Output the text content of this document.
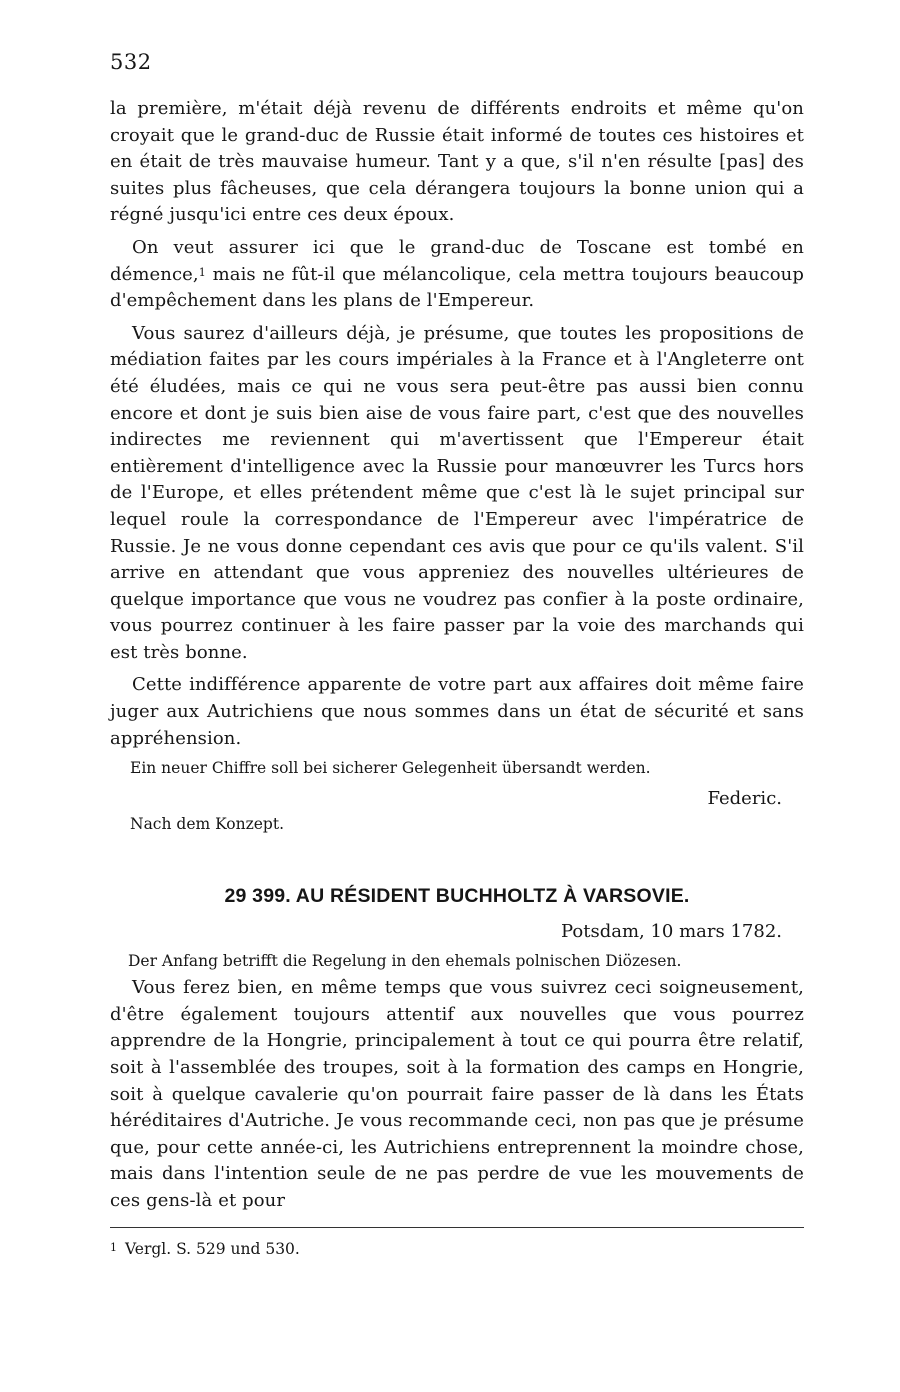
532

la première, m'était déjà revenu de différents endroits et même qu'on croyait que le grand-duc de Russie était informé de toutes ces histoires et en était de très mauvaise humeur. Tant y a que, s'il n'en résulte [pas] des suites plus fâcheuses, que cela dérangera toujours la bonne union qui a régné jusqu'ici entre ces deux époux.

On veut assurer ici que le grand-duc de Toscane est tombé en démence,$^1$ mais ne fût-il que mélancolique, cela mettra toujours beaucoup d'empêchement dans les plans de l'Empereur.

Vous saurez d'ailleurs déjà, je présume, que toutes les propositions de médiation faites par les cours impériales à la France et à l'Angleterre ont été éludées, mais ce qui ne vous sera peut-être pas aussi bien connu encore et dont je suis bien aise de vous faire part, c'est que des nouvelles indirectes me reviennent qui m'avertissent que l'Empereur était entièrement d'intelligence avec la Russie pour manœuvrer les Turcs hors de l'Europe, et elles prétendent même que c'est là le sujet principal sur lequel roule la correspondance de l'Empereur avec l'impératrice de Russie. Je ne vous donne cependant ces avis que pour ce qu'ils valent. S'il arrive en attendant que vous appreniez des nouvelles ultérieures de quelque importance que vous ne voudrez pas confier à la poste ordinaire, vous pourrez continuer à les faire passer par la voie des marchands qui est très bonne.

Cette indifférence apparente de votre part aux affaires doit même faire juger aux Autrichiens que nous sommes dans un état de sécurité et sans appréhension.

Ein neuer Chiffre soll bei sicherer Gelegenheit übersandt werden.

Federic.

Nach dem Konzept.

29 399. AU RÉSIDENT BUCHHOLTZ À VARSOVIE.

Potsdam, 10 mars 1782.

Der Anfang betrifft die Regelung in den ehemals polnischen Diözesen.

Vous ferez bien, en même temps que vous suivrez ceci soigneusement, d'être également toujours attentif aux nouvelles que vous pourrez apprendre de la Hongrie, principalement à tout ce qui pourra être relatif, soit à l'assemblée des troupes, soit à la formation des camps en Hongrie, soit à quelque cavalerie qu'on pourrait faire passer de là dans les États héréditaires d'Autriche. Je vous recommande ceci, non pas que je présume que, pour cette année-ci, les Autrichiens entreprennent la moindre chose, mais dans l'intention seule de ne pas perdre de vue les mouvements de ces gens-là et pour

$^1$ Vergl. S. 529 und 530.
